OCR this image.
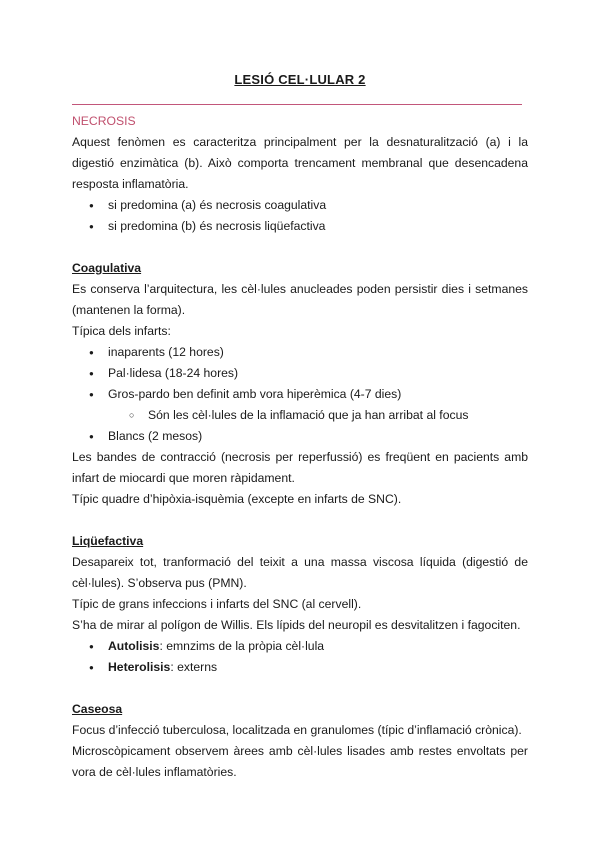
LESIÓ CEL·LULAR 2

NECROSIS

Aquest fenòmen es caracteritza principalment per la desnaturalització (a) i la digestió enzimàtica (b). Això comporta trencament membranal que desencadena resposta inflamatòria.

● si predomina (a) és necrosis coagulativa

● si predomina (b) és necrosis liqüefactiva

Coagulativa

Es conserva l’arquitectura, les cèl·lules anucleades poden persistir dies i setmanes (mantenen la forma).

Típica dels infarts:

● inaparents (12 hores)

● Pal·lidesa (18-24 hores)

● Gros-pardo ben definit amb vora hiperèmica (4-7 dies)

○ Són les cèl·lules de la inflamació que ja han arribat al focus

● Blancs (2 mesos)

Les bandes de contracció (necrosis per reperfussió) es freqüent en pacients amb infart de miocardi que moren ràpidament.

Típic quadre d’hipòxia-isquèmia (excepte en infarts de SNC).

Liqüefactiva

Desapareix tot, tranformació del teixit a una massa viscosa líquida (digestió de cèl·lules). S’observa pus (PMN).

Típic de grans infeccions i infarts del SNC (al cervell).

S’ha de mirar al polígon de Willis. Els lípids del neuropil es desvitalitzen i fagociten.

● Autolisis: emnzims de la pròpia cèl·lula

● Heterolisis: externs

Caseosa

Focus d’infecció tuberculosa, localitzada en granulomes (típic d’inflamació crònica).

Microscòpicament observem àrees amb cèl·lules lisades amb restes envoltats per vora de cèl·lules inflamatòries.
